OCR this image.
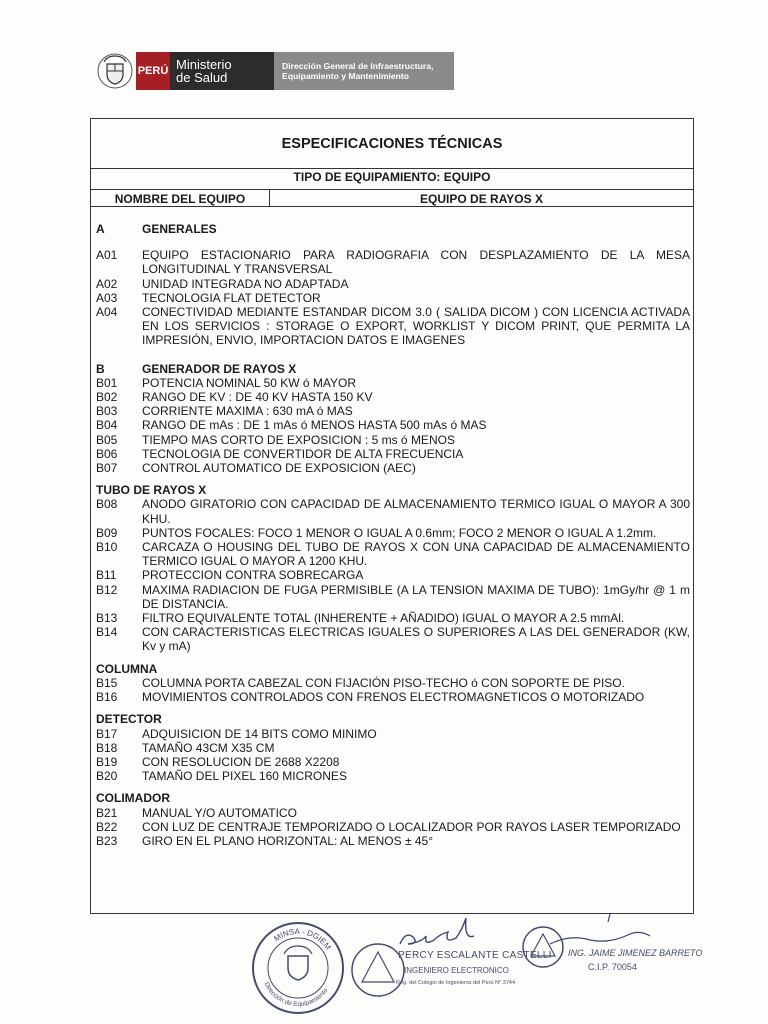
PERÚ Ministerio
de Salud
Dirección General de Infraestructura,
Equipamiento y Mantenimiento
ESPECIFICACIONES TÉCNICAS
TIPO DE EQUIPAMIENTO: EQUIPO
NOMBRE DEL EQUIPO	EQUIPO DE RAYOS X
A	GENERALES
A01	EQUIPO ESTACIONARIO PARA RADIOGRAFIA CON DESPLAZAMIENTO DE LA MESA LONGITUDINAL Y TRANSVERSAL
A02	UNIDAD INTEGRADA NO ADAPTADA
A03	TECNOLOGIA FLAT DETECTOR
A04	CONECTIVIDAD MEDIANTE ESTANDAR DICOM 3.0 ( SALIDA DICOM ) CON LICENCIA ACTIVADA EN LOS SERVICIOS : STORAGE O EXPORT, WORKLIST Y DICOM PRINT, QUE PERMITA LA IMPRESIÓN, ENVIO, IMPORTACION DATOS E IMAGENES
B	GENERADOR DE RAYOS X
B01	POTENCIA NOMINAL 50 KW ó MAYOR
B02	RANGO DE KV : DE 40 KV HASTA 150 KV
B03	CORRIENTE MAXIMA : 630 mA ó MAS
B04	RANGO DE mAs : DE 1 mAs ó MENOS HASTA 500 mAs ó MAS
B05	TIEMPO MAS CORTO DE EXPOSICION : 5 ms ó MENOS
B06	TECNOLOGIA DE CONVERTIDOR DE ALTA FRECUENCIA
B07	CONTROL AUTOMATICO DE EXPOSICION (AEC)
TUBO DE RAYOS X
B08	ANODO GIRATORIO CON CAPACIDAD DE ALMACENAMIENTO TERMICO IGUAL O MAYOR A 300 KHU.
B09	PUNTOS FOCALES: FOCO 1 MENOR O IGUAL A 0.6mm; FOCO 2 MENOR O IGUAL A 1.2mm.
B10	CARCAZA O HOUSING DEL TUBO DE RAYOS X CON UNA CAPACIDAD DE ALMACENAMIENTO TERMICO IGUAL O MAYOR A 1200 KHU.
B11	PROTECCION CONTRA SOBRECARGA
B12	MAXIMA RADIACION DE FUGA PERMISIBLE (A LA TENSION MAXIMA DE TUBO): 1mGy/hr @ 1 m DE DISTANCIA.
B13	FILTRO EQUIVALENTE TOTAL (INHERENTE + AÑADIDO) IGUAL O MAYOR A 2.5 mmAl.
B14	CON CARACTERISTICAS ELECTRICAS IGUALES O SUPERIORES A LAS DEL GENERADOR (KW, Kv y mA)
COLUMNA
B15	COLUMNA PORTA CABEZAL CON FIJACIÓN PISO-TECHO ó CON SOPORTE DE PISO.
B16	MOVIMIENTOS CONTROLADOS CON FRENOS ELECTROMAGNETICOS O MOTORIZADO
DETECTOR
B17	ADQUISICION DE 14 BITS COMO MINIMO
B18	TAMAÑO 43CM X35 CM
B19	CON RESOLUCION DE 2688 X2208
B20	TAMAÑO DEL PIXEL 160 MICRONES
COLIMADOR
B21	MANUAL Y/O AUTOMATICO
B22	CON LUZ DE CENTRAJE TEMPORIZADO O LOCALIZADOR POR RAYOS LASER TEMPORIZADO
B23	GIRO EN EL PLANO HORIZONTAL: AL MENOS ± 45°
MINSA - DGIEM
Dirección de Equipamiento
PERCY ESCALANTE CASTELLI
INGENIERO ELECTRONICO
Reg. del Colegio de Ingenieros del Perú N° 3744
ING. JAIME JIMENEZ BARRETO
C.I.P. 70054
